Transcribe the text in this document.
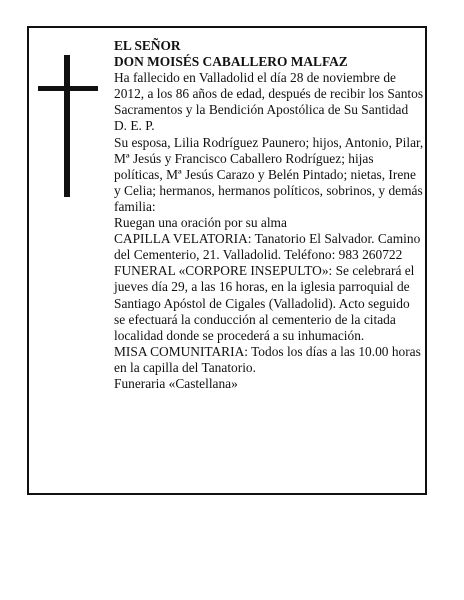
EL SEÑOR

DON MOISÉS CABALLERO MALFAZ

Ha fallecido en Valladolid el día 28 de noviembre de 2012, a los 86 años de edad, después de recibir los Santos Sacramentos y la Bendición Apostólica de Su Santidad

D. E. P.

Su esposa, Lilia Rodríguez Paunero; hijos, Antonio, Pilar, Mª Jesús y Francisco Caballero Rodríguez; hijas políticas, Mª Jesús Carazo y Belén Pintado; nietas, Irene y Celia; hermanos, hermanos políticos, sobrinos, y demás familia:

Ruegan una oración por su alma

CAPILLA VELATORIA: Tanatorio El Salvador. Camino del Cementerio, 21. Valladolid. Teléfono: 983 260722

FUNERAL «CORPORE INSEPULTO»: Se celebrará el jueves día 29, a las 16 horas, en la iglesia parroquial de Santiago Apóstol de Cigales (Valladolid). Acto seguido se efectuará la conducción al cementerio de la citada localidad donde se procederá a su inhumación.

MISA COMUNITARIA: Todos los días a las 10.00 horas en la capilla del Tanatorio.

Funeraria «Castellana»
